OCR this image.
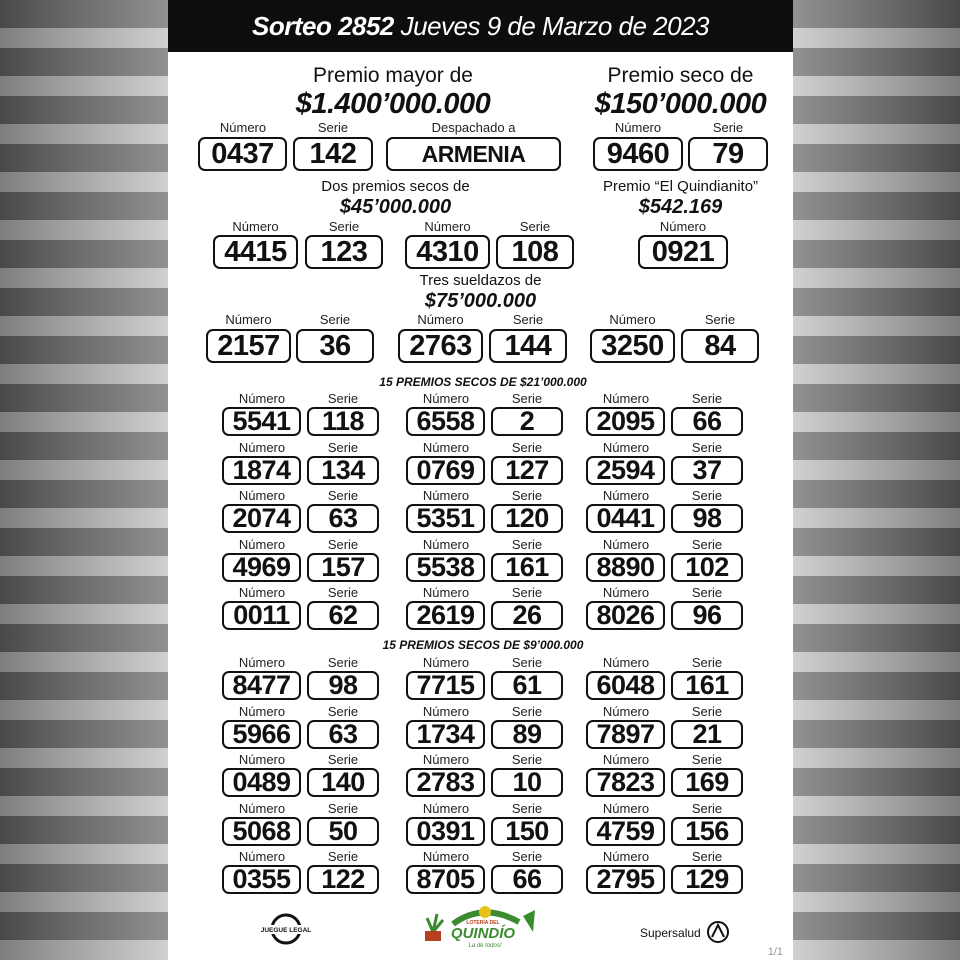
Sorteo 2852 Jueves 9 de Marzo de 2023
Premio mayor de
$1.400’000.000
Número	Serie	Despachado a
0437	142	ARMENIA
Premio seco de
$150’000.000
Número	Serie
9460	79
Dos premios secos de
$45’000.000
Número	Serie
4415	123
Número	Serie
4310	108
Premio “El Quindianito”
$542.169
Número
0921
Tres sueldazos de
$75’000.000
Número	Serie
2157	36
Número	Serie
2763	144
Número	Serie
3250	84
15 PREMIOS SECOS DE $21’000.000
Número	Serie
5541	118
Número	Serie
6558	2
Número	Serie
2095	66
Número	Serie
1874	134
Número	Serie
0769	127
Número	Serie
2594	37
Número	Serie
2074	63
Número	Serie
5351	120
Número	Serie
0441	98
Número	Serie
4969	157
Número	Serie
5538	161
Número	Serie
8890	102
Número	Serie
0011	62
Número	Serie
2619	26
Número	Serie
8026	96
15 PREMIOS SECOS DE $9’000.000
Número	Serie
8477	98
Número	Serie
7715	61
Número	Serie
6048	161
Número	Serie
5966	63
Número	Serie
1734	89
Número	Serie
7897	21
Número	Serie
0489	140
Número	Serie
2783	10
Número	Serie
7823	169
Número	Serie
5068	50
Número	Serie
0391	150
Número	Serie
4759	156
Número	Serie
0355	122
Número	Serie
8705	66
Número	Serie
2795	129
JUEGUE LEGAL	QUINDÍO
LOTERÍA DEL
La de todos!
Supersalud
1/1
